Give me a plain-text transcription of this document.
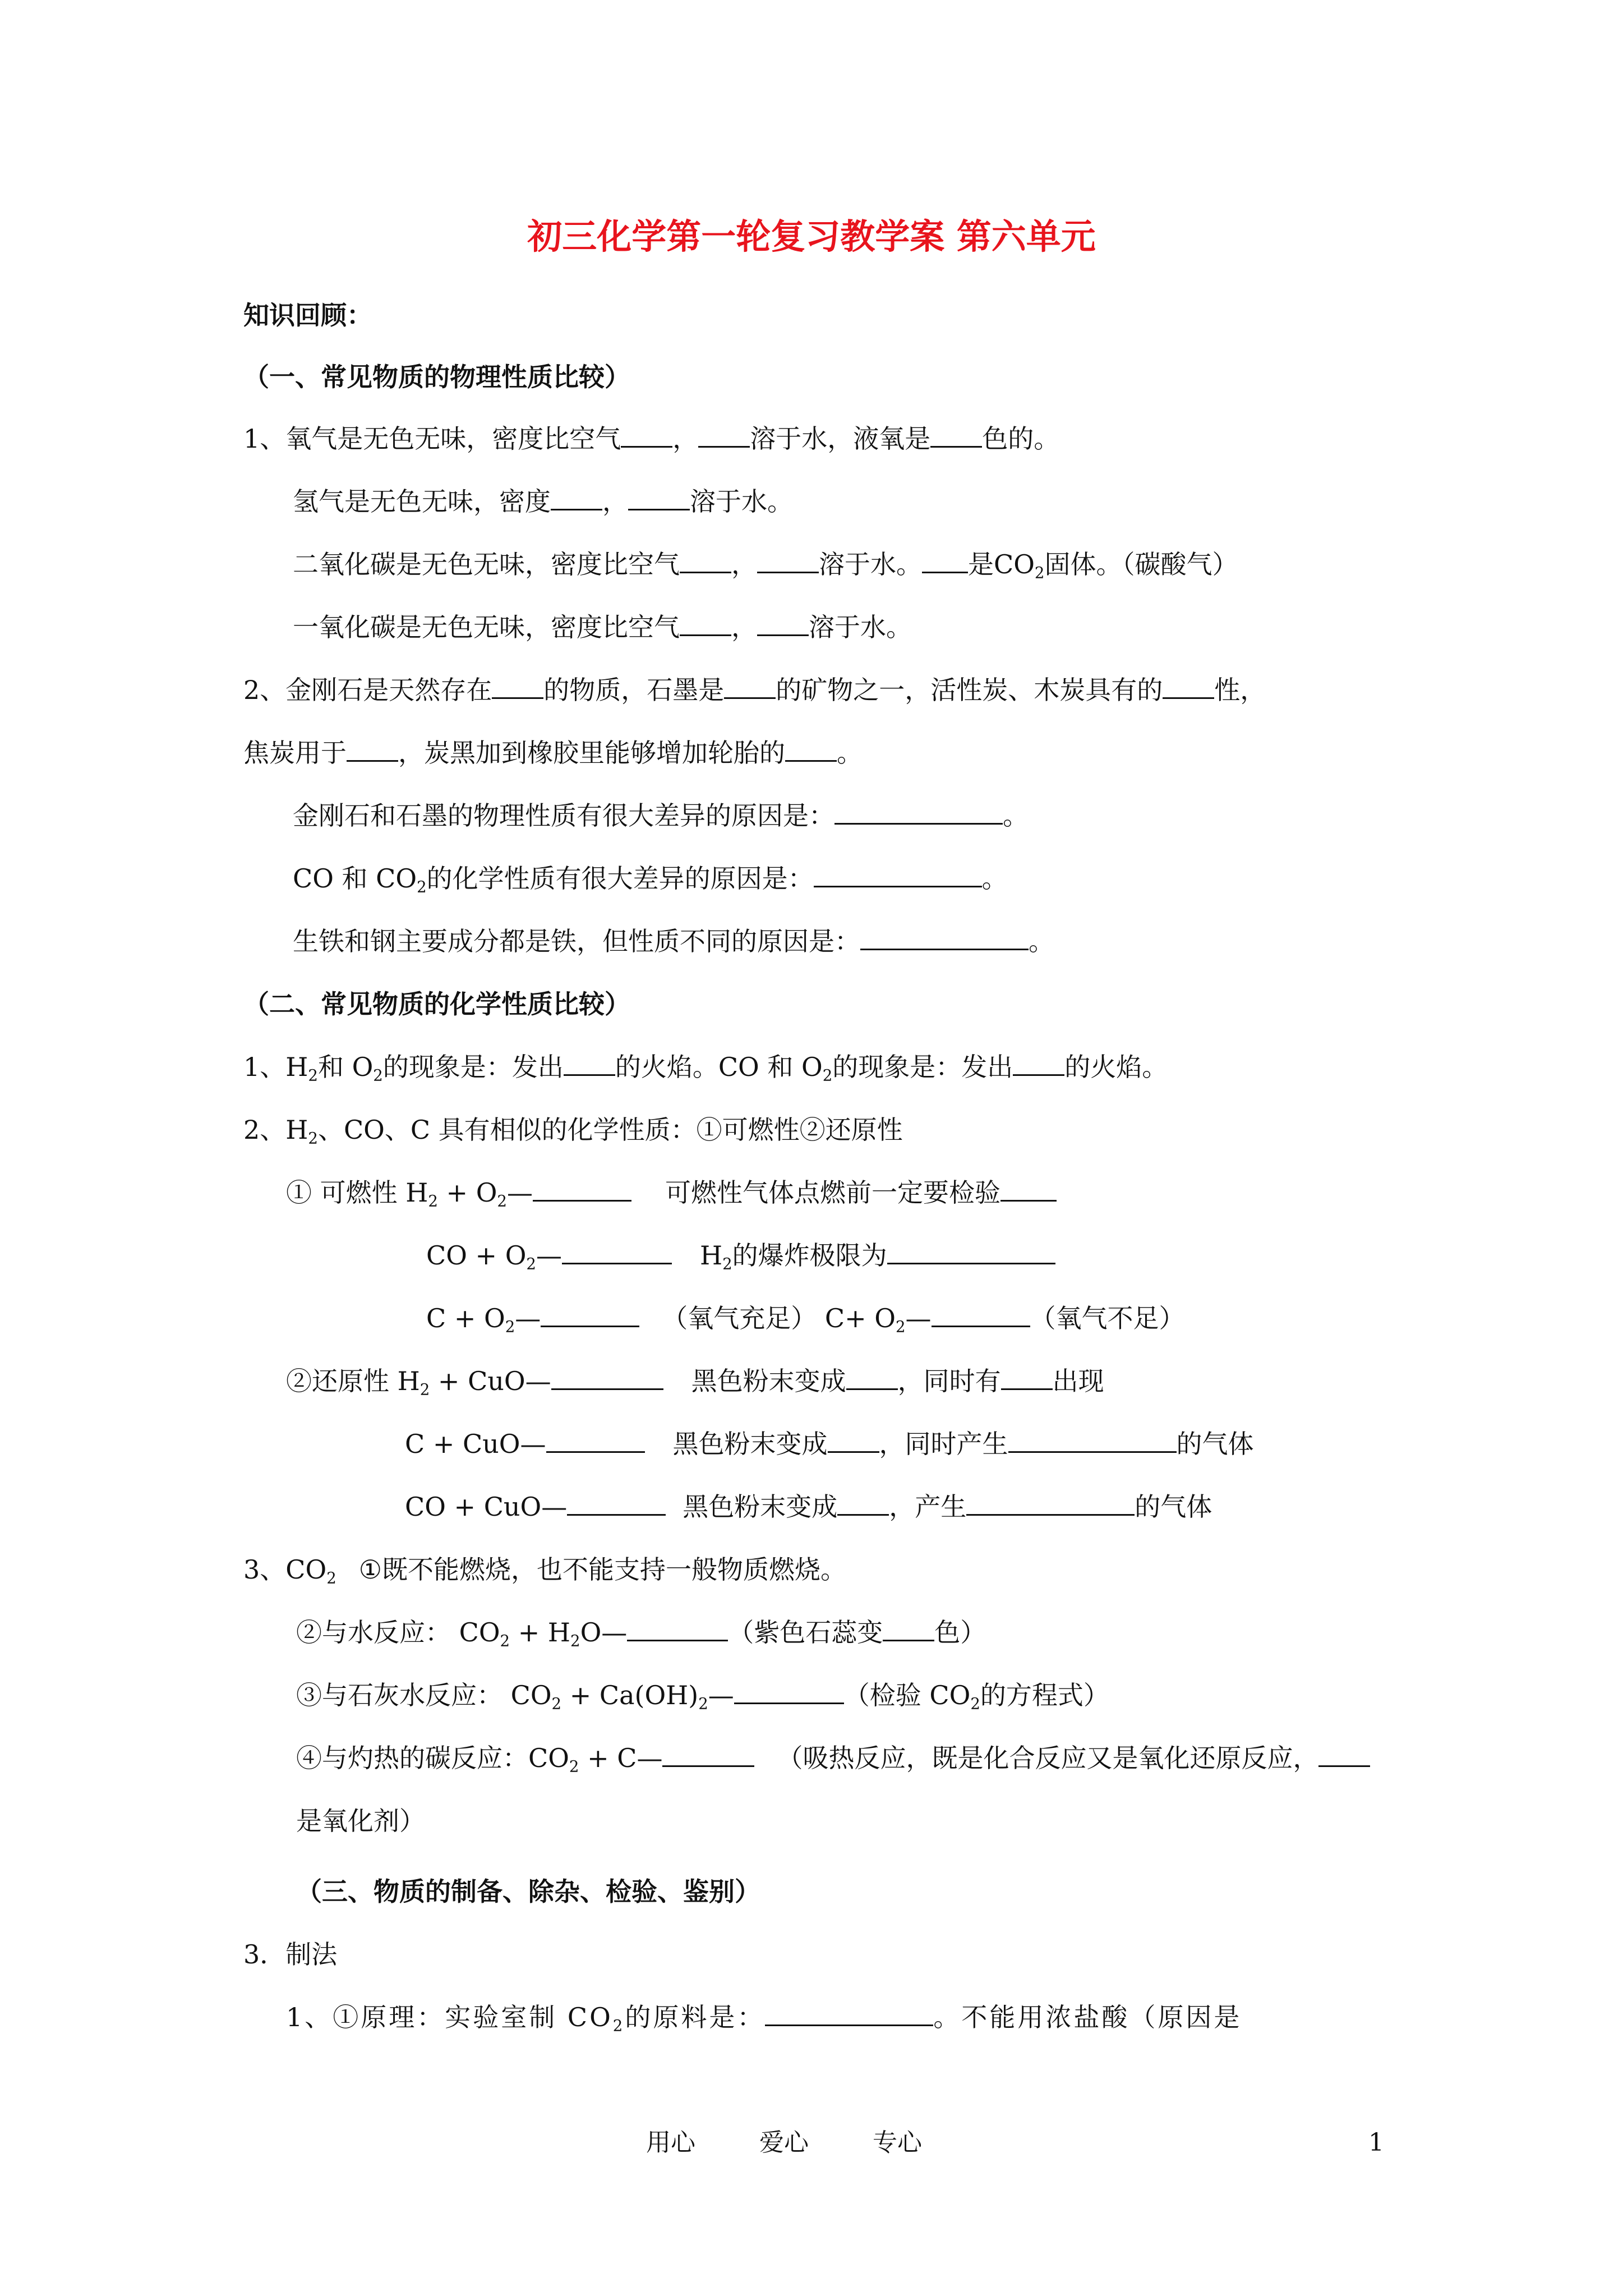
初三化学第一轮复习教学案 第六单元
知识回顾：
（一、常见物质的物理性质比较）
1、氧气是无色无味，密度比空气 ， 溶于水，液氧是 色的。
氢气是无色无味，密度 ， 溶于水。
二氧化碳是无色无味，密度比空气 ， 溶于水。 是$CO_2$固体。（碳酸气）
一氧化碳是无色无味，密度比空气 ， 溶于水。
2、金刚石是天然存在 的物质，石墨是 的矿物之一，活性炭、木炭具有的 性，
焦炭用于 ，炭黑加到橡胶里能够增加轮胎的 。
金刚石和石墨的物理性质有很大差异的原因是：	。
CO 和 $CO_2$的化学性质有很大差异的原因是：	。
生铁和钢主要成分都是铁，但性质不同的原因是：	。
（二、常见物质的化学性质比较）
1、$H_2$和 $O_2$的现象是：发出 的火焰。CO 和 $O_2$的现象是：发出 的火焰。
2、$H_2$、CO、C 具有相似的化学性质：①可燃性②还原性
① 可燃性 $H_2$ + $O_2—$	可燃性气体点燃前一定要检验
CO + $O_2—$	$H_2$的爆炸极限为
$C + O_2—$	（氧气充足） $C+ O_2—$	（氧气不足）
②还原性 $H_2$ + CuO—	黑色粉末变成 ，同时有 出现
C + CuO—	黑色粉末变成 ，同时产生	的气体
CO + CuO—	黑色粉末变成 ，产生	的气体
3、$CO_2$ ①既不能燃烧，也不能支持一般物质燃烧。
②与水反应： $CO_2$ + $H_2O—$	（紫色石蕊变 色）
③与石灰水反应： $CO_2$ + $Ca(OH)_2—$	（检验 $CO_2$的方程式）
④与灼热的碳反应：$CO_2$ + C—	（吸热反应，既是化合反应又是氧化还原反应，
是氧化剂）
（三、物质的制备、除杂、检验、鉴别）
3．制法
1、①原理：实验室制 $CO_2$的原料是：	。不能用浓盐酸（原因是
用心	爱心	专心	1
